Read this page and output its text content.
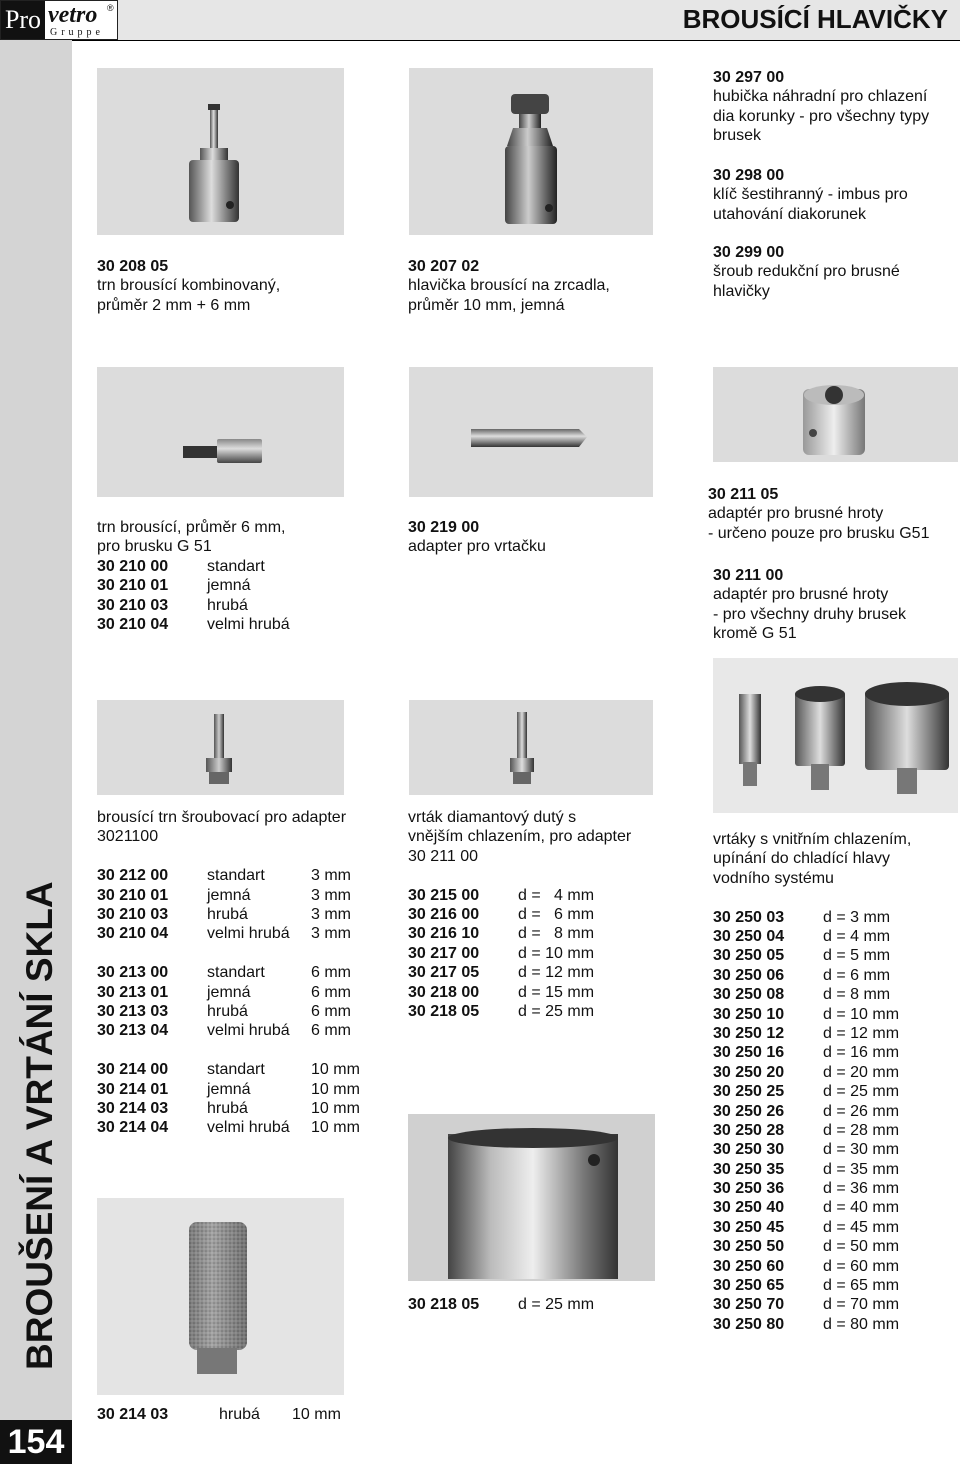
BROUSÍCÍ HLAVIČKY
Pro vetro ®
Gruppe
BROUŠENÍ A VRTÁNÍ SKLA
154
30 208 05
trn brousící kombinovaný,
průměr 2 mm + 6 mm
30 207 02
hlavička brousící na zrcadla,
průměr 10 mm, jemná
30 297 00
hubička náhradní pro chlazení
dia korunky - pro všechny typy
brusek
30 298 00
klíč šestihranný - imbus pro
utahování diakorunek
30 299 00
šroub redukční pro brusné
hlavičky
trn brousící, průměr 6 mm,
pro brusku G 51
30 210 00	standart
30 210 01	jemná
30 210 03	hrubá
30 210 04	velmi hrubá
30 219 00
adapter pro vrtačku
30 211 05
adaptér pro brusné hroty
- určeno pouze pro brusku G51
30 211 00
adaptér pro brusné hroty
- pro všechny druhy brusek
kromě G 51
brousící trn šroubovací pro adapter
3021100
30 212 00	standart	3 mm
30 210 01	jemná	3 mm
30 210 03	hrubá	3 mm
30 210 04	velmi hrubá	3 mm
30 213 00	standart	6 mm
30 213 01	jemná	6 mm
30 213 03	hrubá	6 mm
30 213 04	velmi hrubá	6 mm
30 214 00	standart	10 mm
30 214 01	jemná	10 mm
30 214 03	hrubá	10 mm
30 214 04	velmi hrubá	10 mm
vrták diamantový dutý s
vnějším chlazením, pro adapter
30 211 00
30 215 00	d =   4 mm
30 216 00	d =   6 mm
30 216 10	d =   8 mm
30 217 00	d = 10 mm
30 217 05	d = 12 mm
30 218 00	d = 15 mm
30 218 05	d = 25 mm
vrtáky s vnitřním chlazením,
upínání do chladící hlavy
vodního systému
30 250 03	d = 3 mm
30 250 04	d = 4 mm
30 250 05	d = 5 mm
30 250 06	d = 6 mm
30 250 08	d = 8 mm
30 250 10	d = 10 mm
30 250 12	d = 12 mm
30 250 16	d = 16 mm
30 250 20	d = 20 mm
30 250 25	d = 25 mm
30 250 26	d = 26 mm
30 250 28	d = 28 mm
30 250 30	d = 30 mm
30 250 35	d = 35 mm
30 250 36	d = 36 mm
30 250 40	d = 40 mm
30 250 45	d = 45 mm
30 250 50	d = 50 mm
30 250 60	d = 60 mm
30 250 65	d = 65 mm
30 250 70	d = 70 mm
30 250 80	d = 80 mm
30 218 05	d = 25 mm
30 214 03	hrubá	10 mm
